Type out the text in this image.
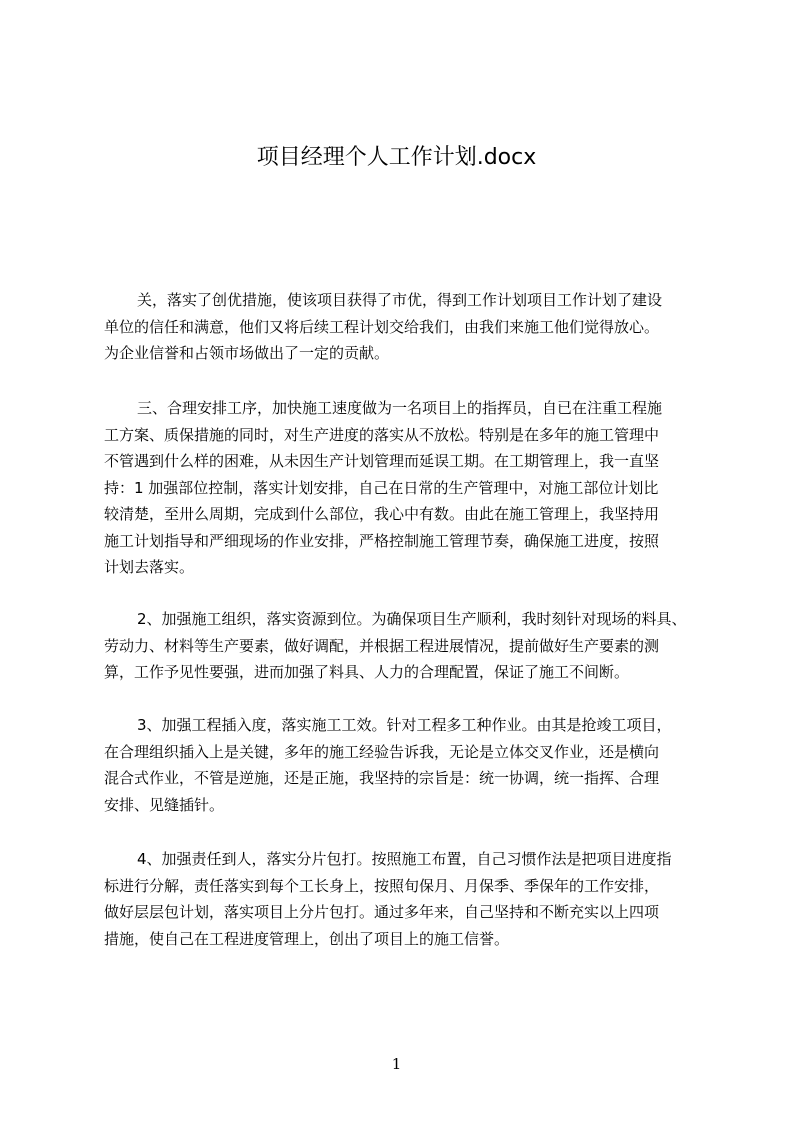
项目经理个人工作计划.docx
关，落实了创优措施，使该项目获得了市优，得到工作计划项目工作计划了建设
单位的信任和满意，他们又将后续工程计划交给我们，由我们来施工他们觉得放心。
为企业信誉和占领市场做出了一定的贡献。
三、合理安排工序，加快施工速度做为一名项目上的指挥员，自已在注重工程施
工方案、质保措施的同时，对生产进度的落实从不放松。特别是在多年的施工管理中
不管遇到什么样的困难，从未因生产计划管理而延误工期。在工期管理上，我一直坚
持：1 加强部位控制，落实计划安排，自己在日常的生产管理中，对施工部位计划比
较清楚，至卅么周期，完成到什么部位，我心中有数。由此在施工管理上，我坚持用
施工计划指导和严细现场的作业安排，严格控制施工管理节奏，确保施工进度，按照
计划去落实。
2、加强施工组织，落实资源到位。为确保项目生产顺利，我时刻针对现场的料具、
劳动力、材料等生产要素，做好调配，并根据工程进展情况，提前做好生产要素的测
算，工作予见性要强，进而加强了料具、人力的合理配置，保证了施工不间断。
3、加强工程插入度，落实施工工效。针对工程多工种作业。由其是抢竣工项目，
在合理组织插入上是关键，多年的施工经验告诉我，无论是立体交叉作业，还是横向
混合式作业，不管是逆施，还是正施，我坚持的宗旨是：统一协调，统一指挥、合理
安排、见缝插针。
4、加强责任到人，落实分片包打。按照施工布置，自己习惯作法是把项目进度指
标进行分解，责任落实到每个工长身上，按照旬保月、月保季、季保年的工作安排，
做好层层包计划，落实项目上分片包打。通过多年来，自己坚持和不断充实以上四项
措施，使自己在工程进度管理上，创出了项目上的施工信誉。
1
